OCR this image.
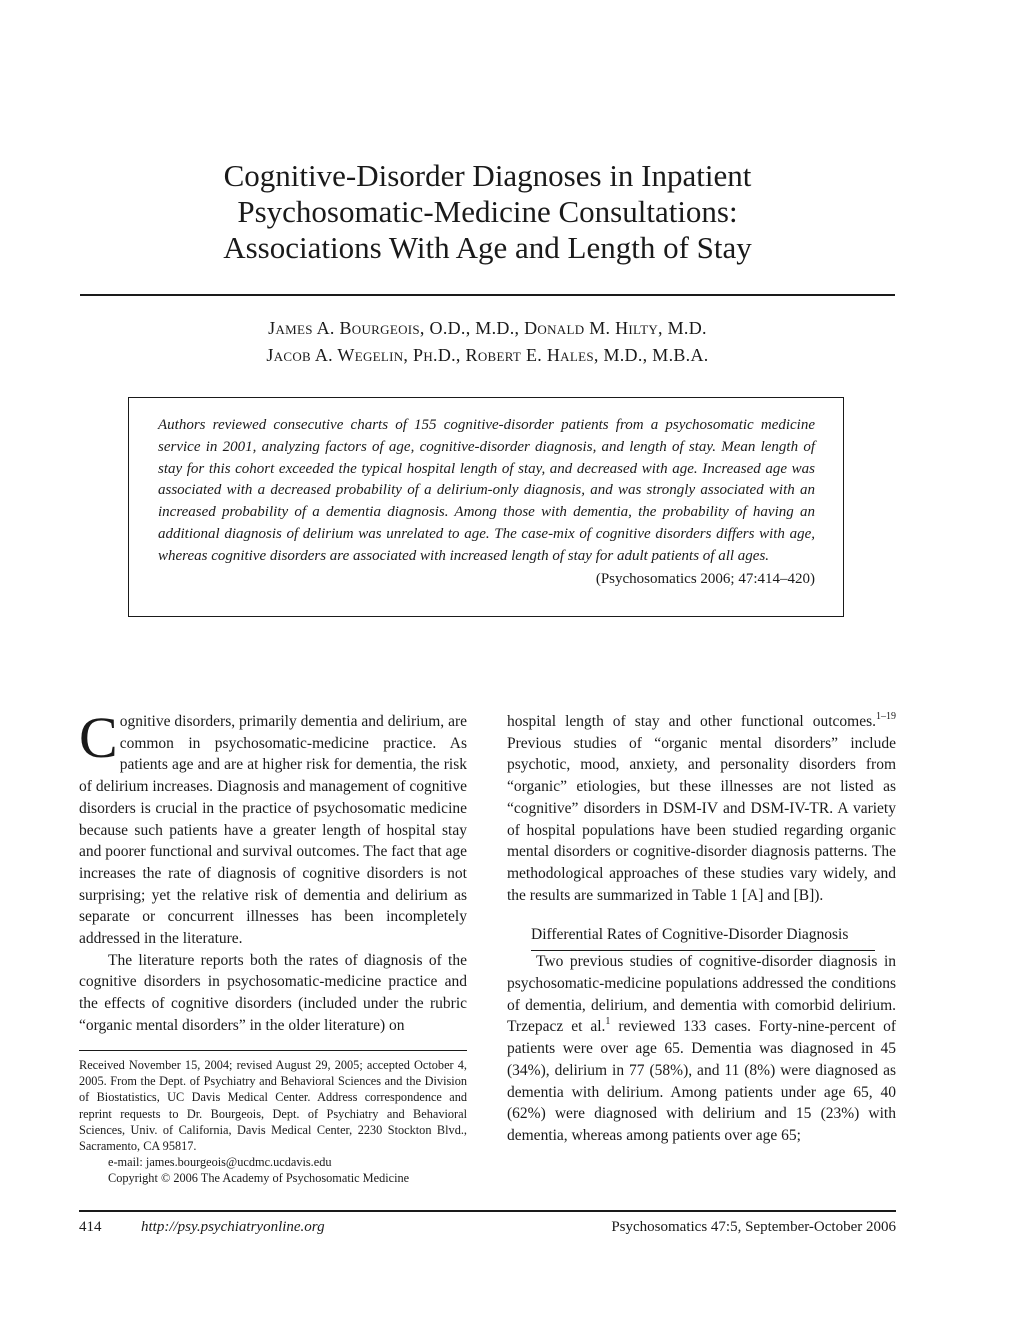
Cognitive-Disorder Diagnoses in Inpatient
Psychosomatic-Medicine Consultations:
Associations With Age and Length of Stay
James A. Bourgeois, O.D., M.D., Donald M. Hilty, M.D.
Jacob A. Wegelin, Ph.D., Robert E. Hales, M.D., M.B.A.
Authors reviewed consecutive charts of 155 cognitive-disorder patients from a psychosomatic medicine service in 2001, analyzing factors of age, cognitive-disorder diagnosis, and length of stay. Mean length of stay for this cohort exceeded the typical hospital length of stay, and decreased with age. Increased age was associated with a decreased probability of a delirium-only diagnosis, and was strongly associated with an increased probability of a dementia diagnosis. Among those with dementia, the probability of having an additional diagnosis of delirium was unrelated to age. The case-mix of cognitive disorders differs with age, whereas cognitive disorders are associated with increased length of stay for adult patients of all ages.
(Psychosomatics 2006; 47:414–420)

Cognitive disorders, primarily dementia and delirium, are common in psychosomatic-medicine practice. As patients age and are at higher risk for dementia, the risk of delirium increases. Diagnosis and management of cognitive disorders is crucial in the practice of psychosomatic medicine because such patients have a greater length of hospital stay and poorer functional and survival outcomes. The fact that age increases the rate of diagnosis of cognitive disorders is not surprising; yet the relative risk of dementia and delirium as separate or concurrent illnesses has been incompletely addressed in the literature.

The literature reports both the rates of diagnosis of the cognitive disorders in psychosomatic-medicine practice and the effects of cognitive disorders (included under the rubric “organic mental disorders” in the older literature) on

Received November 15, 2004; revised August 29, 2005; accepted October 4, 2005. From the Dept. of Psychiatry and Behavioral Sciences and the Division of Biostatistics, UC Davis Medical Center. Address correspondence and reprint requests to Dr. Bourgeois, Dept. of Psychiatry and Behavioral Sciences, Univ. of California, Davis Medical Center, 2230 Stockton Blvd., Sacramento, CA 95817.

e-mail: james.bourgeois@ucdmc.ucdavis.edu

Copyright © 2006 The Academy of Psychosomatic Medicine

hospital length of stay and other functional outcomes.$^{1-19}$ Previous studies of “organic mental disorders” include psychotic, mood, anxiety, and personality disorders from “organic” etiologies, but these illnesses are not listed as “cognitive” disorders in DSM-IV and DSM-IV-TR. A variety of hospital populations have been studied regarding organic mental disorders or cognitive-disorder diagnosis patterns. The methodological approaches of these studies vary widely, and the results are summarized in Table 1 [A] and [B]).

Differential Rates of Cognitive-Disorder Diagnosis

Two previous studies of cognitive-disorder diagnosis in psychosomatic-medicine populations addressed the conditions of dementia, delirium, and dementia with comorbid delirium. Trzepacz et al.$^1$ reviewed 133 cases. Forty-nine-percent of patients were over age 65. Dementia was diagnosed in 45 (34%), delirium in 77 (58%), and 11 (8%) were diagnosed as dementia with delirium. Among patients under age 65, 40 (62%) were diagnosed with delirium and 15 (23%) with dementia, whereas among patients over age 65;

414	http://psy.psychiatryonline.org	Psychosomatics 47:5, September-October 2006
